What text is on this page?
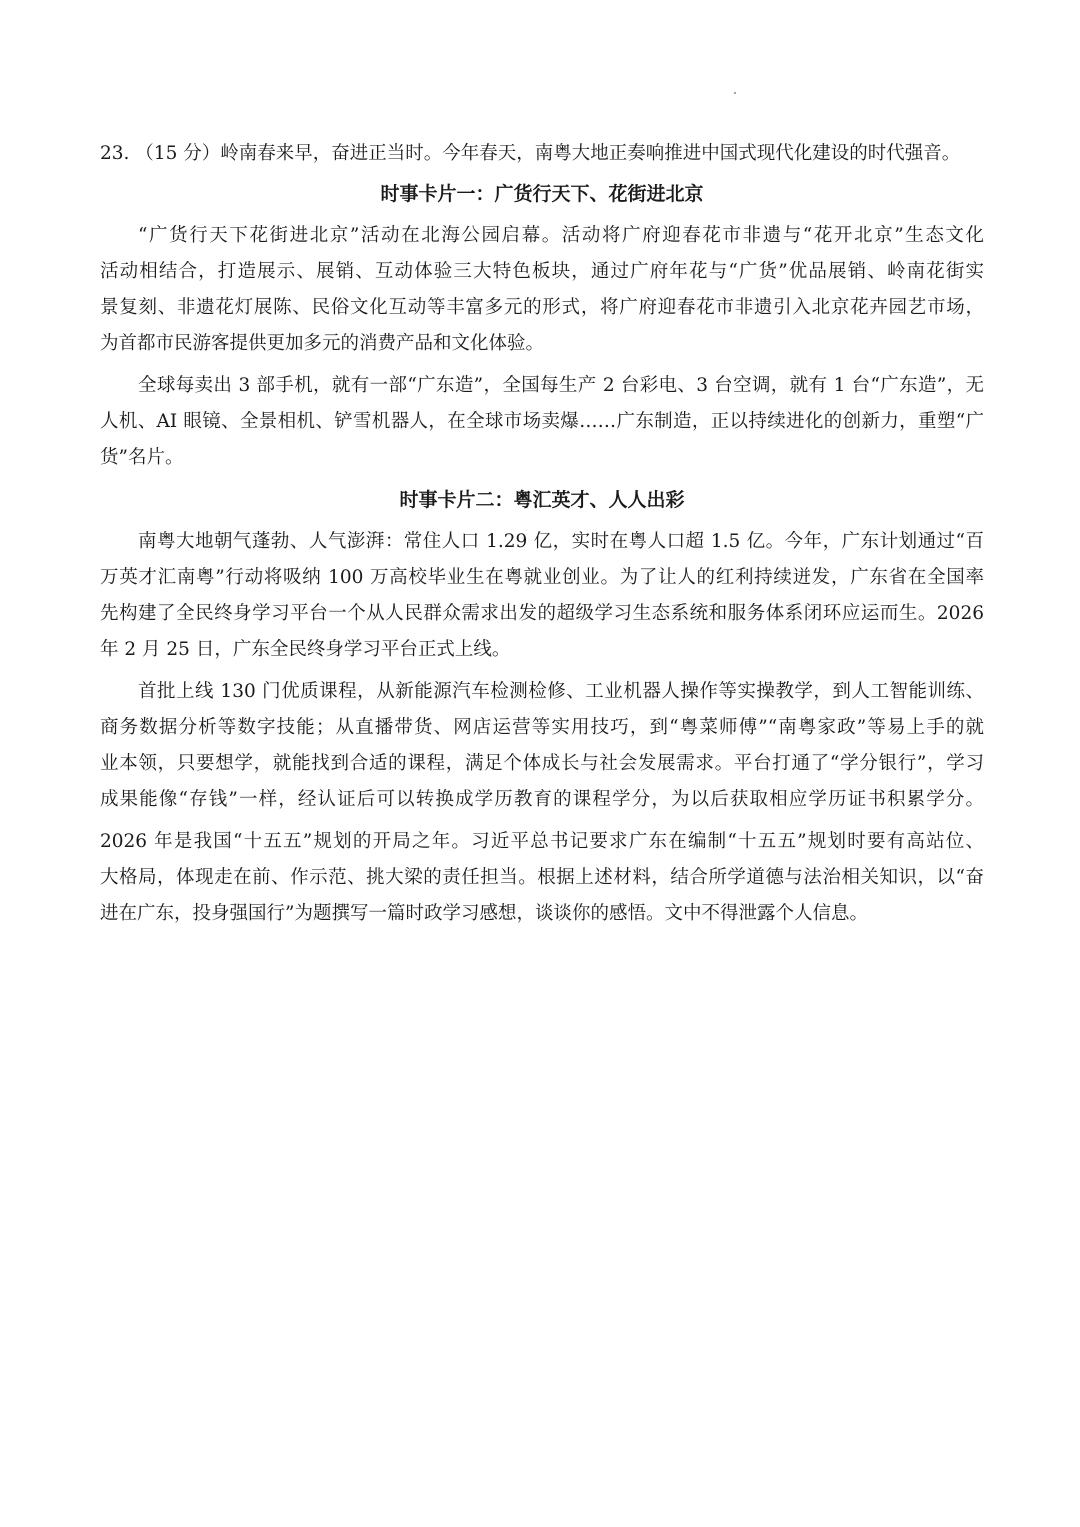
23. （15 分）岭南春来早，奋进正当时。今年春天，南粤大地正奏响推进中国式现代化建设的时代强音。
时事卡片一：广货行天下、花街进北京
“广货行天下花街进北京”活动在北海公园启幕。活动将广府迎春花市非遗与“花开北京”生态文化
活动相结合，打造展示、展销、互动体验三大特色板块，通过广府年花与“广货”优品展销、岭南花街实
景复刻、非遗花灯展陈、民俗文化互动等丰富多元的形式，将广府迎春花市非遗引入北京花卉园艺市场，
为首都市民游客提供更加多元的消费产品和文化体验。
全球每卖出 3 部手机，就有一部“广东造”，全国每生产 2 台彩电、3 台空调，就有 1 台“广东造”，无
人机、AI 眼镜、全景相机、铲雪机器人，在全球市场卖爆……广东制造，正以持续进化的创新力，重塑“广
货”名片。
时事卡片二：粤汇英才、人人出彩
南粤大地朝气蓬勃、人气澎湃：常住人口 1.29 亿，实时在粤人口超 1.5 亿。今年，广东计划通过“百
万英才汇南粤”行动将吸纳 100 万高校毕业生在粤就业创业。为了让人的红利持续迸发，广东省在全国率
先构建了全民终身学习平台一个从人民群众需求出发的超级学习生态系统和服务体系闭环应运而生。2026
年 2 月 25 日，广东全民终身学习平台正式上线。
首批上线 130 门优质课程，从新能源汽车检测检修、工业机器人操作等实操教学，到人工智能训练、
商务数据分析等数字技能；从直播带货、网店运营等实用技巧，到“粤菜师傅”“南粤家政”等易上手的就
业本领，只要想学，就能找到合适的课程，满足个体成长与社会发展需求。平台打通了“学分银行”，学习
成果能像“存钱”一样，经认证后可以转换成学历教育的课程学分，为以后获取相应学历证书积累学分。
2026 年是我国“十五五”规划的开局之年。习近平总书记要求广东在编制“十五五”规划时要有高站位、
大格局，体现走在前、作示范、挑大梁的责任担当。根据上述材料，结合所学道德与法治相关知识，以“奋
进在广东，投身强国行”为题撰写一篇时政学习感想，谈谈你的感悟。文中不得泄露个人信息。
